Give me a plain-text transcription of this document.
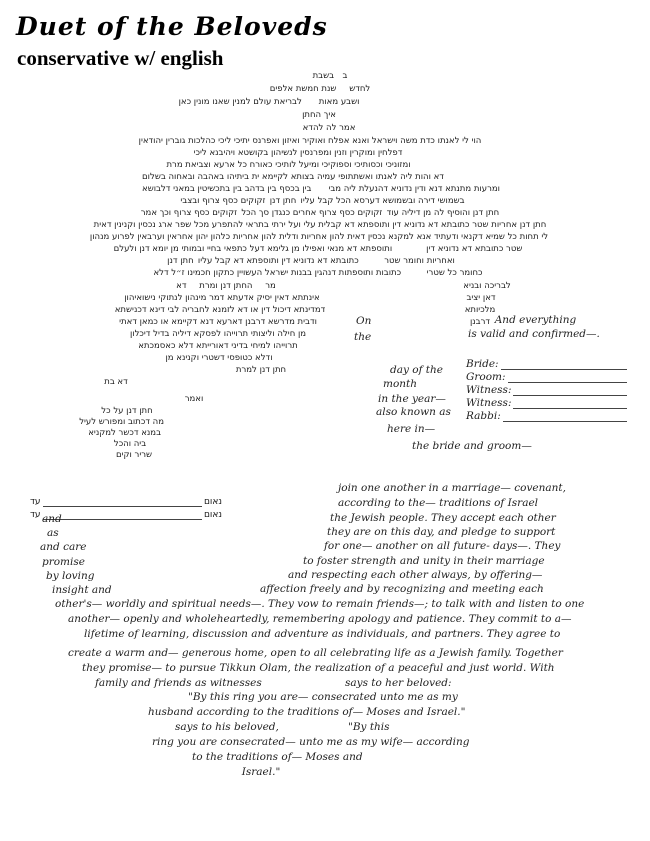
Duet of the Beloveds
conservative w/ english
ב בשבת
לחדש  שנת חמשת אלפים
ושבע מאות  לבריאת עולם למנין שאנו מונין כאן
איך החתן
אמר לה להדא
הוי לי לאנתו כדת משה וישראל ואנא אפלח ואוקיר ואיזון ואפרנס יתיכי ליכי כהלכות גוברין יהודאין
דפלחין ומוקרין וזנין ומפרנסין לנשיהון בקושטא ויהיבנא ליכי
ומזוניכי וכסותיכי וספוקיכי ומיעל לותיכי כאורח כל ארעא וצביאת מרת
דא והות ליה לאנתו ואשתתופי עמיה בצותא לקיימא ית ביתיהו באהבה ובאחוה בשלום
ומרעות מתנתא דנא ודין נדוניא דהנעלת ליה מבי  בין בכסף בין בדהב בין בתכשיטין במאני דלבושא
בשמושי דירה ובשמושא דערסא הכל קבל עליו חתן דנן זקוקים כסף צרוף ובצבי
חתן דנן והוסיף לה מן דיליה עוד זקוקים כסף צרוף אחרים כנגדן סך הכל זקוקים כסף צרוף וכך אמר
חתן דנן אחריות שטר כתובתא דא נדוניא דין ותוספתא דא קבלית עלי ועל ירתי בתראי להתפרע מכל שפר ארג נכסין וקנינין דאית
לי תחות כל שמיא דקנאי ודעתיד אנא למקנא נכסין דאית להון אחריות ודלית להון אחריות כלהון יהון אחראין וערבאין לפרוע מנהון
שטר כתובתא דא נדוניא דין    ותוספתא דא מנאי ואפילו מן גלימא דעל כתפאי בחיי ובמותי מן יומא דנן ולעלם
ואחריות וחומר שטר   כתובתא דא נדוניא דין ותוספתא דא קבל עליו חתן דנן
כחומר כל שטרי   כתובות ותוספתות דנהגין בבנות ישראל העשויין כתקון חכמינו ז״ל דלא
לבריכה ובניא
מר  החתן דנן ומרת  דא
דאן יציב
אינתתא דאין יסיק אדעתא דמר מינהון לנתוקי נישואיהון
מלכיותא
דמדינתא דיכול דין או דא לזמנא לחבריה לבי דינא דכנישתא
דרבנן
ודבית מדרשא דרבנן דארעא דנא דקיימא או כמאן דאתי
מן חילה וליצותי תרוייהו לפסקא דיליה בדיל דיכלון
תרוייהו למיחי בדיני דאורייתא דלא כאסמכתא
ודלא כטופסי דשטרי וקנינא מן
חתן דנן למרת
דא בת
ואמר
חתן דנן על כל
מה דכתוב ומפורש לעיל
במנא דכשר למקניא
ביה והכל
שריר וקים
On
the
And everything
is valid and confirmed—.
day of the
month
in the year—
also known as
here in—
the bride and groom—
Bride:
Groom:
Witness:
Witness:
Rabbi:
נאום
עד
נאום
עד
join one another in a marriage— covenant,
according to the— traditions of Israel
and	the Jewish people. They accept each other
as	they are on this day, and pledge to support
and care	for one— another on all future- days—. They
promise	to foster strength and unity in their marriage
by loving	and respecting each other always, by offering—
insight and	affection freely and by recognizing and meeting each
other's— worldly and spiritual needs—. They vow to remain friends—; to talk with and listen to one
another— openly and wholeheartedly, remembering apology and patience. They commit to a—
lifetime of learning, discussion and adventure as individuals, and partners. They agree to
create a warm and— generous home, open to all celebrating life as a Jewish family. Together
they promise— to pursue Tikkun Olam, the realization of a peaceful and just world. With
family and friends as witnesses	says to her beloved:
"By this ring you are— consecrated unto me as my
husband according to the traditions of— Moses and Israel."
says to his beloved,	"By this
ring you are consecrated— unto me as my wife— according
to the traditions of— Moses and
Israel."
